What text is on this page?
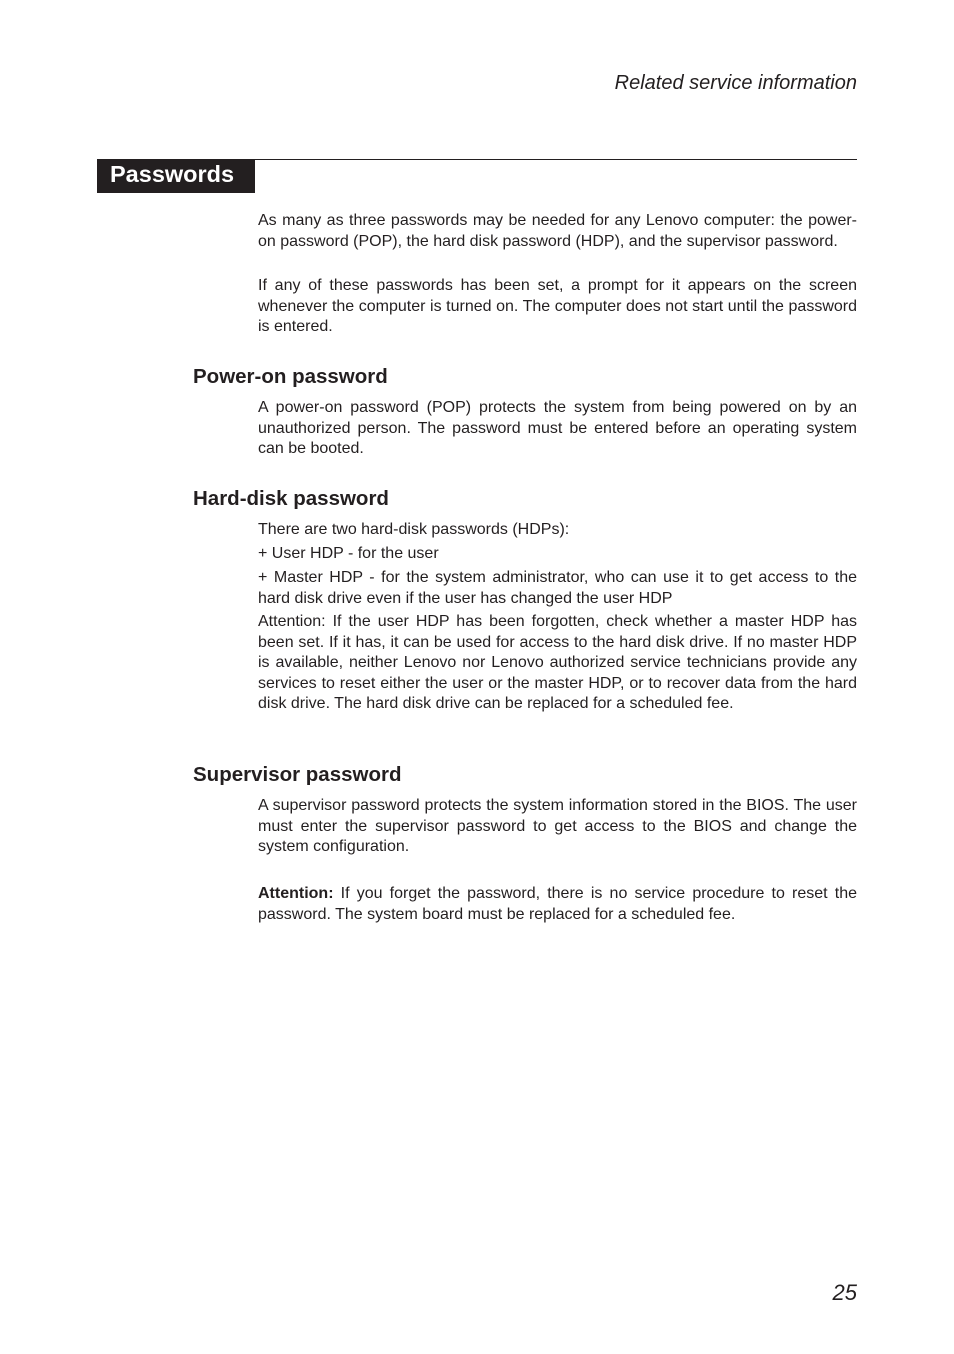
Related service information
Passwords

As many as three passwords may be needed for any Lenovo computer: the power-on password (POP), the hard disk password (HDP), and the supervisor password.

If any of these passwords has been set, a prompt for it appears on the screen whenever the computer is turned on. The computer does not start until the password is entered.

Power-on password

A power-on password (POP) protects the system from being powered on by an unauthorized person. The password must be entered before an operating system can be booted.

Hard-disk password

There are two hard-disk passwords (HDPs):

+ User HDP - for the user

+ Master HDP - for the system administrator, who can use it to get access to the hard disk drive even if the user has changed the user HDP

Attention: If the user HDP has been forgotten, check whether a master HDP has been set. If it has, it can be used for access to the hard disk drive. If no master HDP is available, neither Lenovo nor Lenovo authorized service technicians provide any services to reset either the user or the master HDP, or to recover data from the hard disk drive. The hard disk drive can be replaced for a scheduled fee.

Supervisor password

A supervisor password protects the system information stored in the BIOS. The user must enter the supervisor password to get access to the BIOS and change the system configuration.

Attention: If you forget the password, there is no service procedure to reset the password. The system board must be replaced for a scheduled fee.

25
